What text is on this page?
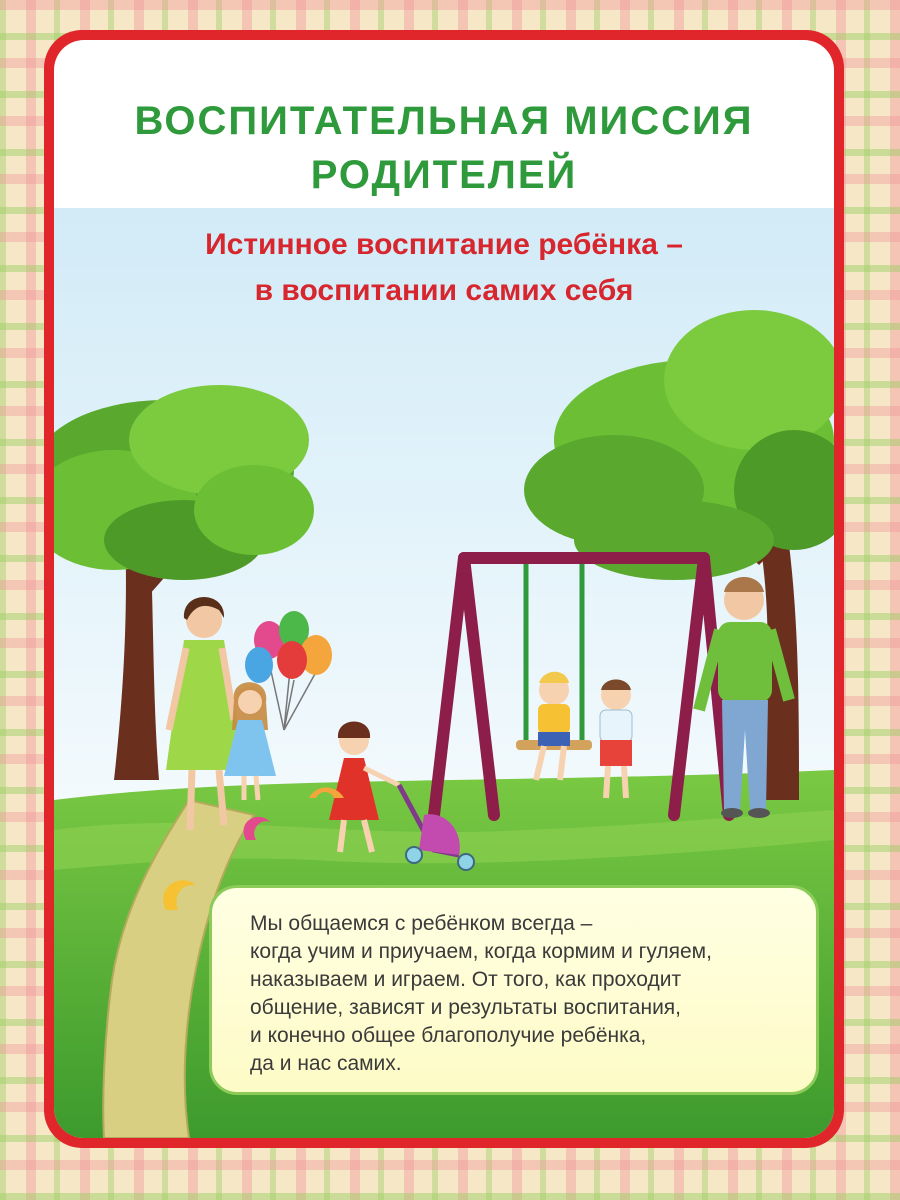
ВОСПИТАТЕЛЬНАЯ МИССИЯ РОДИТЕЛЕЙ
Истинное воспитание ребёнка –
в воспитании самих себя

Мы общаемся с ребёнком всегда –
когда учим и приучаем, когда кормим и гуляем,
наказываем и играем. От того, как проходит
общение, зависят и результаты воспитания,
и конечно общее благополучие ребёнка,
да и нас самих.
